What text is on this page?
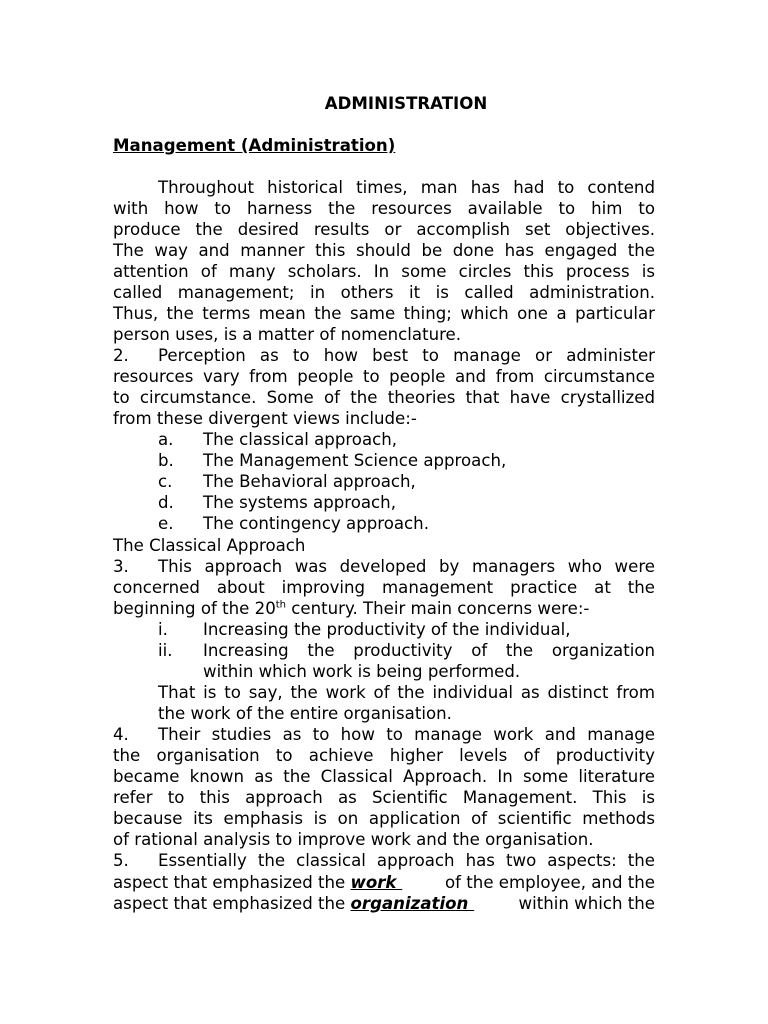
ADMINISTRATION
Management (Administration)
Throughout historical times, man has had to contend
with how to harness the resources available to him to
produce the desired results or accomplish set objectives.
The way and manner this should be done has engaged the
attention of many scholars. In some circles this process is
called management; in others it is called administration.
Thus, the terms mean the same thing; which one a particular
person uses, is a matter of nomenclature.
2.	Perception as to how best to manage or administer
resources vary from people to people and from circumstance
to circumstance. Some of the theories that have crystallized
from these divergent views include:-
a. The classical approach,
b. The Management Science approach,
c. The Behavioral approach,
d. The systems approach,
e. The contingency approach.
The Classical Approach
3.	This approach was developed by managers who were
concerned about improving management practice at the
beginning of the 20th century. Their main concerns were:-
i. Increasing the productivity of the individual,
ii.	Increasing the productivity of the organization
within which work is being performed.
That is to say, the work of the individual as distinct from
the work of the entire organisation.
4.	Their studies as to how to manage work and manage
the organisation to achieve higher levels of productivity
became known as the Classical Approach. In some literature
refer to this approach as Scientific Management. This is
because its emphasis is on application of scientific methods
of rational analysis to improve work and the organisation.
5.	Essentially the classical approach has two aspects: the
aspect that emphasized the work	of the employee, and the
aspect that emphasized the organization	within which the
